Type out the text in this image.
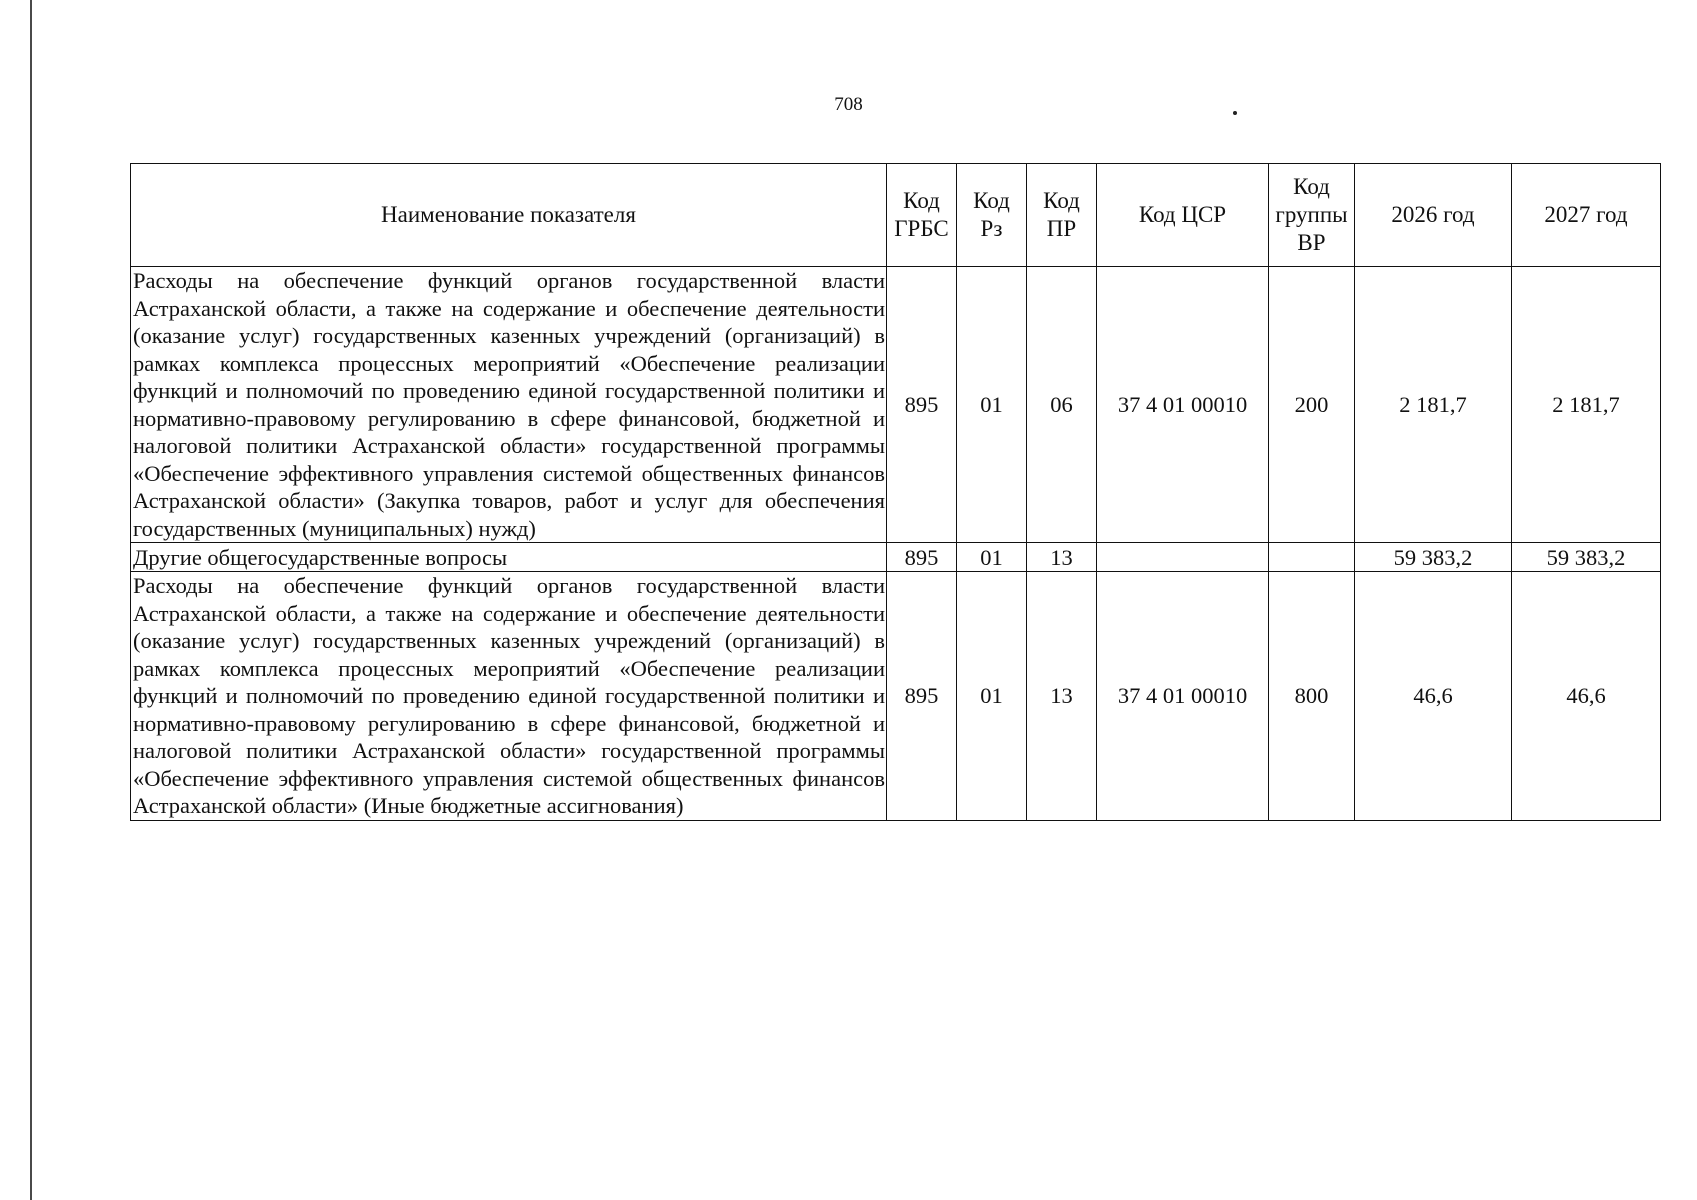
708
Наименование показателя	Код ГРБС	Код Рз	Код ПР	Код ЦСР	Код группы ВР	2026 год	2027 год
Расходы на обеспечение функций органов государственной власти Астраханской области, а также на содержание и обеспечение деятельности (оказание услуг) государственных казенных учреждений (организаций) в рамках комплекса процессных мероприятий «Обеспечение реализации функций и полномочий по проведению единой государственной политики и нормативно-правовому регулированию в сфере финансовой, бюджетной и налоговой политики Астраханской области» государственной программы «Обеспечение эффективного управления системой общественных финансов Астраханской области» (Закупка товаров, работ и услуг для обеспечения государственных (муниципальных) нужд)	895	01	06	37 4 01 00010	200	2 181,7	2 181,7
Другие общегосударственные вопросы	895	01	13			59 383,2	59 383,2
Расходы на обеспечение функций органов государственной власти Астраханской области, а также на содержание и обеспечение деятельности (оказание услуг) государственных казенных учреждений (организаций) в рамках комплекса процессных мероприятий «Обеспечение реализации функций и полномочий по проведению единой государственной политики и нормативно-правовому регулированию в сфере финансовой, бюджетной и налоговой политики Астраханской области» государственной программы «Обеспечение эффективного управления системой общественных финансов Астраханской области» (Иные бюджетные ассигнования)	895	01	13	37 4 01 00010	800	46,6	46,6
